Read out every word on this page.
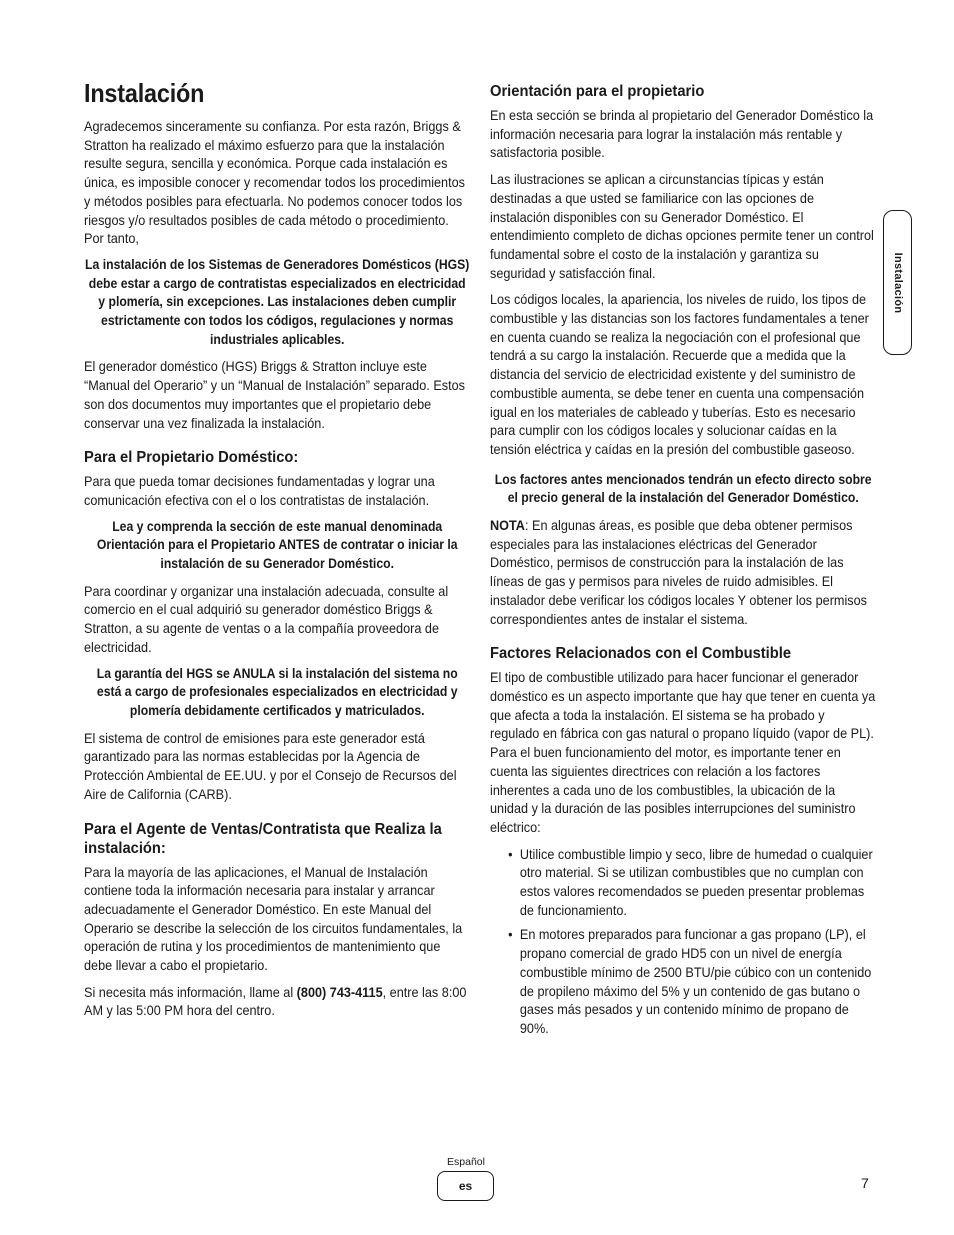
Instalación

Agradecemos sinceramente su confianza. Por esta razón, Briggs & Stratton ha realizado el máximo esfuerzo para que la instalación resulte segura, sencilla y económica. Porque cada instalación es única, es imposible conocer y recomendar todos los procedimientos y métodos posibles para efectuarla. No podemos conocer todos los riesgos y/o resultados posibles de cada método o procedimiento. Por tanto,

La instalación de los Sistemas de Generadores Domésticos (HGS) debe estar a cargo de contratistas especializados en electricidad y plomería, sin excepciones. Las instalaciones deben cumplir estrictamente con todos los códigos, regulaciones y normas industriales aplicables.

El generador doméstico (HGS) Briggs & Stratton incluye este “Manual del Operario” y un “Manual de Instalación” separado. Estos son dos documentos muy importantes que el propietario debe conservar una vez finalizada la instalación.

Para el Propietario Doméstico:

Para que pueda tomar decisiones fundamentadas y lograr una comunicación efectiva con el o los contratistas de instalación.

Lea y comprenda la sección de este manual denominada Orientación para el Propietario ANTES de contratar o iniciar la instalación de su Generador Doméstico.

Para coordinar y organizar una instalación adecuada, consulte al comercio en el cual adquirió su generador doméstico Briggs & Stratton, a su agente de ventas o a la compañía proveedora de electricidad.

La garantía del HGS se ANULA si la instalación del sistema no está a cargo de profesionales especializados en electricidad y plomería debidamente certificados y matriculados.

El sistema de control de emisiones para este generador está garantizado para las normas establecidas por la Agencia de Protección Ambiental de EE.UU. y por el Consejo de Recursos del Aire de California (CARB).

Para el Agente de Ventas/Contratista que Realiza la instalación:

Para la mayoría de las aplicaciones, el Manual de Instalación contiene toda la información necesaria para instalar y arrancar adecuadamente el Generador Doméstico. En este Manual del Operario se describe la selección de los circuitos fundamentales, la operación de rutina y los procedimientos de mantenimiento que debe llevar a cabo el propietario.

Si necesita más información, llame al (800) 743-4115, entre las 8:00 AM y las 5:00 PM hora del centro.

Orientación para el propietario

En esta sección se brinda al propietario del Generador Doméstico la información necesaria para lograr la instalación más rentable y satisfactoria posible.

Las ilustraciones se aplican a circunstancias típicas y están destinadas a que usted se familiarice con las opciones de instalación disponibles con su Generador Doméstico. El entendimiento completo de dichas opciones permite tener un control fundamental sobre el costo de la instalación y garantiza su seguridad y satisfacción final.

Los códigos locales, la apariencia, los niveles de ruido, los tipos de combustible y las distancias son los factores fundamentales a tener en cuenta cuando se realiza la negociación con el profesional que tendrá a su cargo la instalación. Recuerde que a medida que la distancia del servicio de electricidad existente y del suministro de combustible aumenta, se debe tener en cuenta una compensación igual en los materiales de cableado y tuberías. Esto es necesario para cumplir con los códigos locales y solucionar caídas en la tensión eléctrica y caídas en la presión del combustible gaseoso.

Los factores antes mencionados tendrán un efecto directo sobre el precio general de la instalación del Generador Doméstico.

NOTA: En algunas áreas, es posible que deba obtener permisos especiales para las instalaciones eléctricas del Generador Doméstico, permisos de construcción para la instalación de las líneas de gas y permisos para niveles de ruido admisibles. El instalador debe verificar los códigos locales Y obtener los permisos correspondientes antes de instalar el sistema.

Factores Relacionados con el Combustible

El tipo de combustible utilizado para hacer funcionar el generador doméstico es un aspecto importante que hay que tener en cuenta ya que afecta a toda la instalación. El sistema se ha probado y regulado en fábrica con gas natural o propano líquido (vapor de PL). Para el buen funcionamiento del motor, es importante tener en cuenta las siguientes directrices con relación a los factores inherentes a cada uno de los combustibles, la ubicación de la unidad y la duración de las posibles interrupciones del suministro eléctrico:

• Utilice combustible limpio y seco, libre de humedad o cualquier otro material. Si se utilizan combustibles que no cumplan con estos valores recomendados se pueden presentar problemas de funcionamiento.
• En motores preparados para funcionar a gas propano (LP), el propano comercial de grado HD5 con un nivel de energía combustible mínimo de 2500 BTU/pie cúbico con un contenido de propileno máximo del 5% y un contenido de gas butano o gases más pesados y un contenido mínimo de propano de 90%.
Instalación
Español
es	7
